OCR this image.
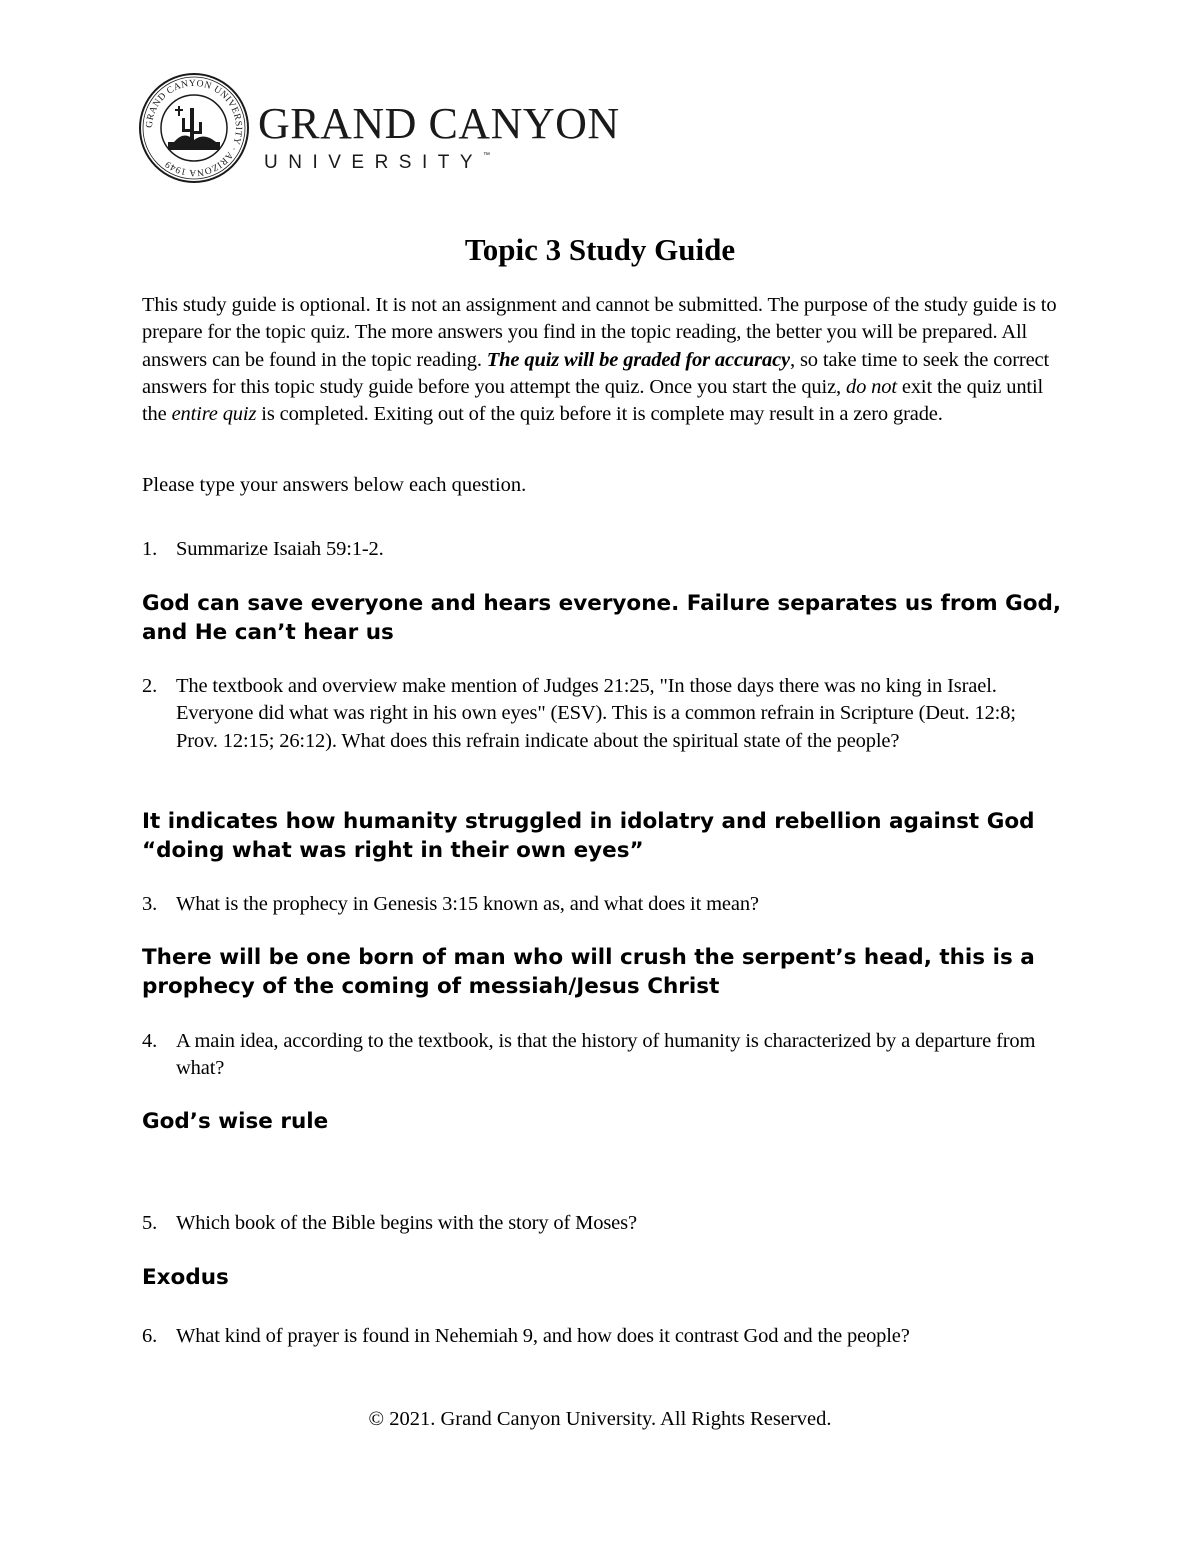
GRAND CANYON UNIVERSITY · ARIZONA 1949
GRAND CANYON
UNIVERSITY™
Topic 3 Study Guide

This study guide is optional. It is not an assignment and cannot be submitted. The purpose of the study guide is to prepare for the topic quiz. The more answers you find in the topic reading, the better you will be prepared. All answers can be found in the topic reading. The quiz will be graded for accuracy, so take time to seek the correct answers for this topic study guide before you attempt the quiz. Once you start the quiz, do not exit the quiz until the entire quiz is completed. Exiting out of the quiz before it is complete may result in a zero grade.

Please type your answers below each question.
1. Summarize Isaiah 59:1-2.
God can save everyone and hears everyone. Failure separates us from God, and He can’t hear us
2. The textbook and overview make mention of Judges 21:25, "In those days there was no king in Israel. Everyone did what was right in his own eyes" (ESV). This is a common refrain in Scripture (Deut. 12:8; Prov. 12:15; 26:12). What does this refrain indicate about the spiritual state of the people?
It indicates how humanity struggled in idolatry and rebellion against God “doing what was right in their own eyes”
3. What is the prophecy in Genesis 3:15 known as, and what does it mean?
There will be one born of man who will crush the serpent’s head, this is a prophecy of the coming of messiah/Jesus Christ
4. A main idea, according to the textbook, is that the history of humanity is characterized by a departure from what?
God’s wise rule
5. Which book of the Bible begins with the story of Moses?
Exodus
6. What kind of prayer is found in Nehemiah 9, and how does it contrast God and the people?
© 2021. Grand Canyon University. All Rights Reserved.
